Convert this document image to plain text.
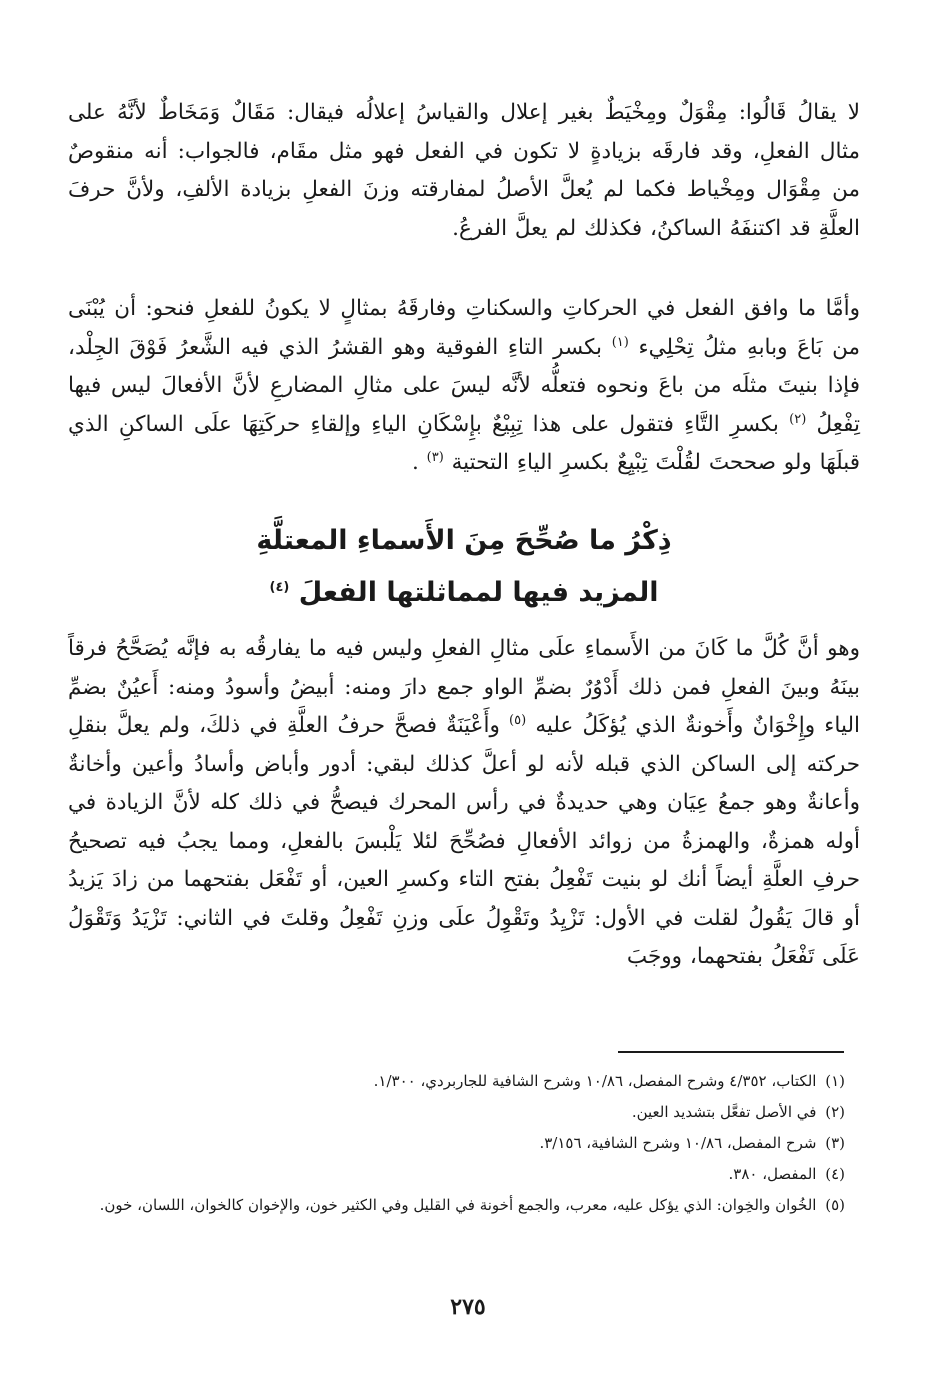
لا يقالُ قَالُوا: مِقْوَلٌ ومِخْيَطٌ بغير إعلال والقياسُ إعلالُه فيقال: مَقَالٌ وَمَخَاطٌ لأنَّهُ على مثال الفعلِ، وقد فارقَه بزيادةٍ لا تكون في الفعل فهو مثل مقَام، فالجواب: أنه منقوصٌ من مِقْوَال ومِخْياط فكما لم يُعلَّ الأصلُ لمفارقته وزنَ الفعلِ بزيادة الألفِ، ولأنَّ حرفَ العلَّةِ قد اكتنفَهُ الساكنُ، فكذلك لم يعلَّ الفرعُ.

وأمَّا ما وافق الفعل في الحركاتِ والسكناتِ وفارقَهُ بمثالٍ لا يكونُ للفعلِ فنحو: أن يُبْنَى من بَاعَ وبابهِ مثلُ تِحْلِيء $^{(١)}$ بكسر التاءِ الفوقية وهو القشرُ الذي فيه الشَّعرُ فَوْقَ الجِلْد، فإذا بنيتَ مثلَه من باعَ ونحوه فتعلُّه لأنَّه ليسَ على مثالِ المضارعِ لأنَّ الأفعالَ ليس فيها تِفْعِلُ $^{(٢)}$ بكسرِ التَّاءِ فتقول على هذا تِبِيْعٌ بإِسْكَانِ الياءِ وإلقاءِ حركَتِهَا علَى الساكنِ الذي قبلَهَا ولو صححتَ لقُلْتَ تِبْيِعٌ بكسرِ الياءِ التحتية $^{(٣)}$ .

ذِكْرُ ما صُحِّحَ مِنَ الأَسماءِ المعتلَّةِ
المزيد فيها لمماثلتها الفعلَ $^{(٤)}$

وهو أنَّ كُلَّ ما كَانَ من الأَسماءِ علَى مثالِ الفعلِ وليس فيه ما يفارقُه به فإنَّه يُصَحَّحُ فرقاً بينَهُ وبينَ الفعلِ فمن ذلك أَدْوُرٌ بضمِّ الواو جمع دارَ ومنه: أبيضُ وأسودُ ومنه: أَعيُنٌ بضمِّ الياء وإِخْوَانٌ وأَخونةٌ الذي يُؤكَلُ عليه $^{(٥)}$ وأَعْيَنَةٌ فصحَّ حرفُ العلَّةِ في ذلكَ، ولم يعلَّ بنقلِ حركته إلى الساكن الذي قبله لأنه لو أعلَّ كذلك لبقي: أدور وأباض وأسادُ وأعين وأخانةٌ وأعانةٌ وهو جمعُ عِيَان وهي حديدةٌ في رأس المحرك فيصحُّ في ذلك كله لأنَّ الزيادة في أوله همزةٌ، والهمزةُ من زوائد الأفعالِ فصُحِّحَ لئلا يَلْبسَ بالفعلِ، ومما يجبُ فيه تصحيحُ حرفِ العلَّةِ أيضاً أنك لو بنيت تَفْعِلُ بفتح التاء وكسرِ العين، أو تَفْعَل بفتحهما من زادَ يَزيدُ أو قالَ يَقُولُ لقلت في الأول: تَزْيِدُ وتَقْوِلُ علَى وزنِ تَفْعِلُ وقلتَ في الثاني: تَزْيَدُ وَتَقْوَلُ عَلَى تَفْعَلُ بفتحهما، ووجَبَ

(١) الكتاب، ٤/٣٥٢ وشرح المفصل، ١٠/٨٦ وشرح الشافية للجاربردي، ١/٣٠٠.
(٢) في الأصل تفعَّل بتشديد العين.
(٣) شرح المفصل، ١٠/٨٦ وشرح الشافية، ٣/١٥٦.
(٤) المفصل، ٣٨٠.
(٥) الخُوان والخِوان: الذي يؤكل عليه، معرب، والجمع أخونة في القليل وفي الكثير خون، والإخوان كالخوان، اللسان، خون.
٢٧٥
